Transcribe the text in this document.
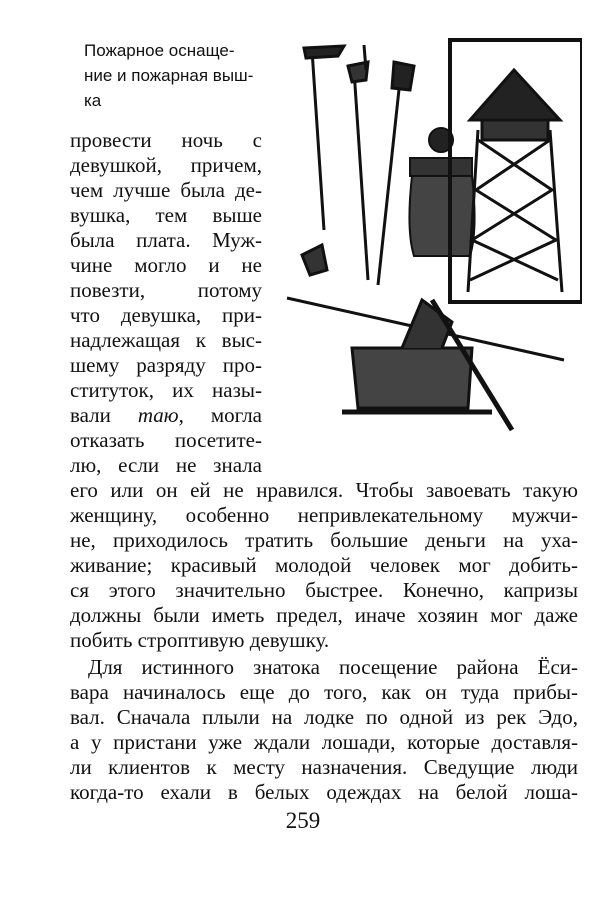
Пожарное оснаще-
ние и пожарная выш-
ка
провести ночь с
девушкой, причем,
чем лучше была де-
вушка, тем выше
была плата. Муж-
чине могло и не
повезти, потому
что девушка, при-
надлежащая к выс-
шему разряду про-
ституток, их назы-
вали таю, могла
отказать посетите-
лю, если не знала
его или он ей не нравился. Чтобы завоевать такую
женщину, особенно непривлекательному мужчи-
не, приходилось тратить большие деньги на уха-
живание; красивый молодой человек мог добить-
ся этого значительно быстрее. Конечно, капризы
должны были иметь предел, иначе хозяин мог даже
побить строптивую девушку.
Для истинного знатока посещение района Ёси-
вара начиналось еще до того, как он туда прибы-
вал. Сначала плыли на лодке по одной из рек Эдо,
а у пристани уже ждали лошади, которые доставля-
ли клиентов к месту назначения. Сведущие люди
когда-то ехали в белых одеждах на белой лоша-
259
